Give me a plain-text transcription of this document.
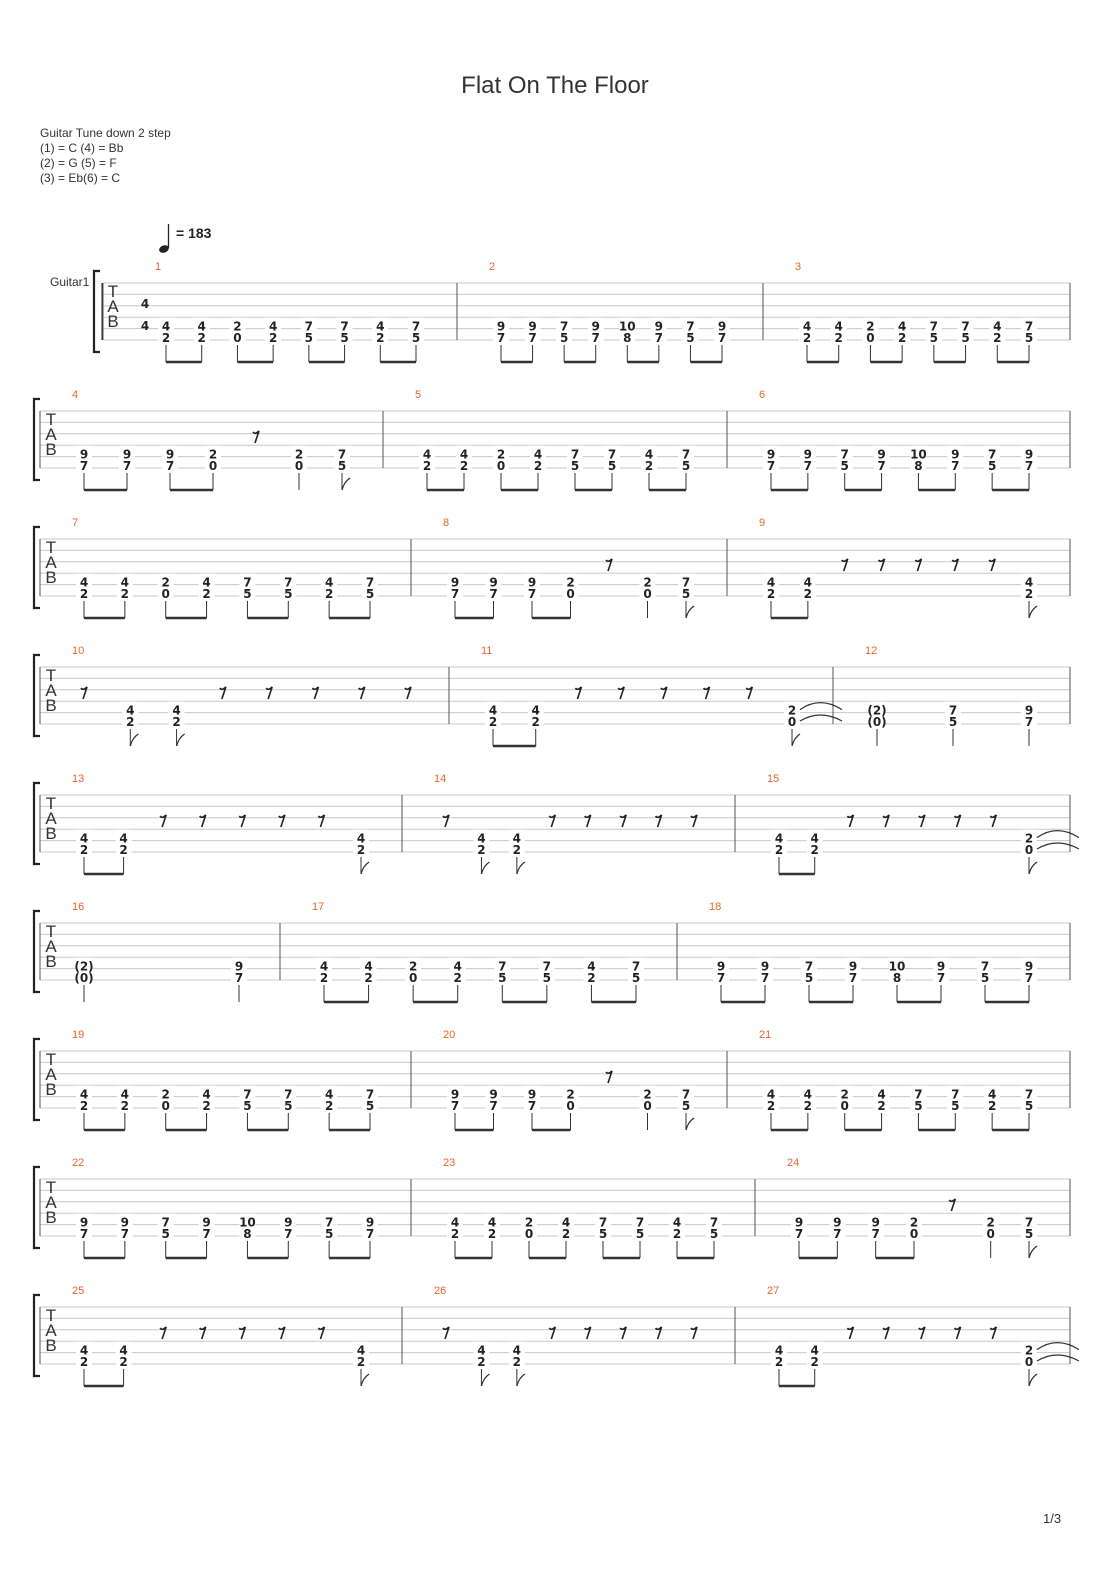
Flat On The Floor
Guitar Tune down 2 step
(1) = C (4) = Bb
(2) = G (5) = F
(3) = Eb(6) = C
= 183
Guitar1 T
A
B
4
4
1
4
2
4
2
2
0
4
2
7
5
7
5
4
2
7
5
2
9
7
9
7
7
5
9
7
10
8
9
7
7
5
9
7
3
4
2
4
2
2
0
4
2
7
5
7
5
4
2
7
5
T
A
B
4
9
7
9
7
9
7
2
0
2
0
7
5
5
4
2
4
2
2
0
4
2
7
5
7
5
4
2
7
5
6
9
7
9
7
7
5
9
7
10
8
9
7
7
5
9
7
T
A
B
7
4
2
4
2
2
0
4
2
7
5
7
5
4
2
7
5
8
9
7
9
7
9
7
2
0
2
0
7
5
9
4
2
4
2
4
2
T
A
B
10
4
2
4
2
11
4
2
4
2
2
0
12
(2)
(0)
7
5
9
7
T
A
B
13
4
2
4
2
4
2
14
4
2
4
2
15
4
2
4
2
2
0
T
A
B
16
(2)
(0)
9
7
17
4
2
4
2
2
0
4
2
7
5
7
5
4
2
7
5
18
9
7
9
7
7
5
9
7
10
8
9
7
7
5
9
7
T
A
B
19
4
2
4
2
2
0
4
2
7
5
7
5
4
2
7
5
20
9
7
9
7
9
7
2
0
2
0
7
5
21
4
2
4
2
2
0
4
2
7
5
7
5
4
2
7
5
T
A
B
22
9
7
9
7
7
5
9
7
10
8
9
7
7
5
9
7
23
4
2
4
2
2
0
4
2
7
5
7
5
4
2
7
5
24
9
7
9
7
9
7
2
0
2
0
7
5
T
A
B
25
4
2
4
2
4
2
26
4
2
4
2
27
4
2
4
2
2
0
1/3
